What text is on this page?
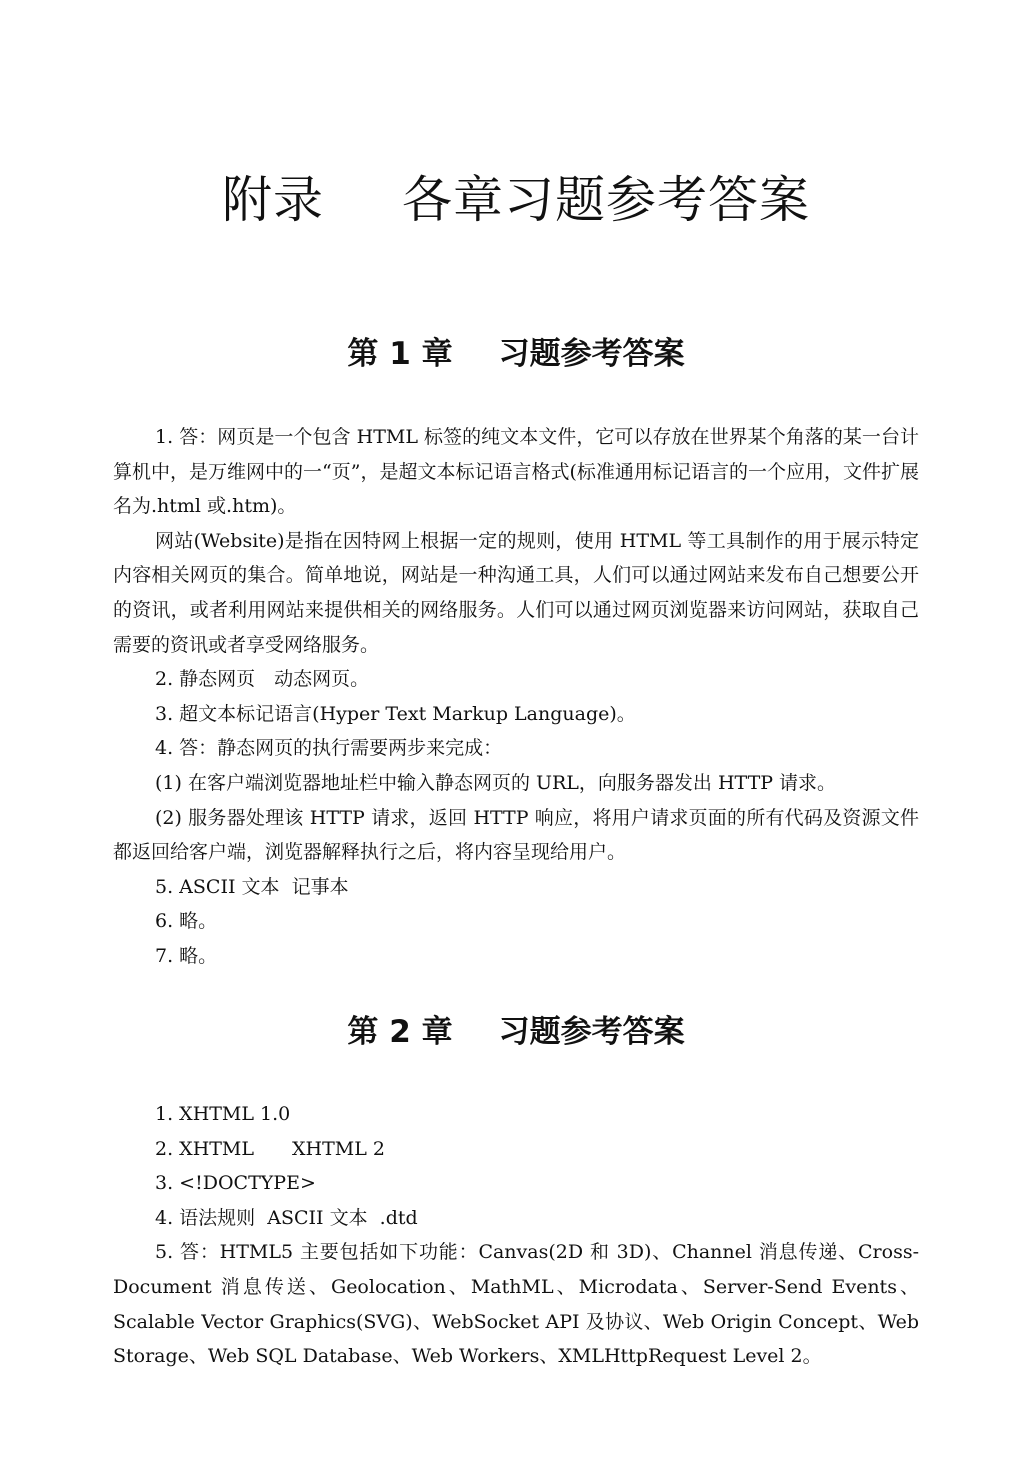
附录 各章习题参考答案
第 1 章 习题参考答案

1. 答：网页是一个包含 HTML 标签的纯文本文件，它可以存放在世界某个角落的某一台计算机中，是万维网中的一“页”，是超文本标记语言格式(标准通用标记语言的一个应用，文件扩展名为.html 或.htm)。

网站(Website)是指在因特网上根据一定的规则，使用 HTML 等工具制作的用于展示特定内容相关网页的集合。简单地说，网站是一种沟通工具，人们可以通过网站来发布自己想要公开的资讯，或者利用网站来提供相关的网络服务。人们可以通过网页浏览器来访问网站，获取自己需要的资讯或者享受网络服务。

2. 静态网页　动态网页。

3. 超文本标记语言(Hyper Text Markup Language)。

4. 答：静态网页的执行需要两步来完成：

(1) 在客户端浏览器地址栏中输入静态网页的 URL，向服务器发出 HTTP 请求。

(2) 服务器处理该 HTTP 请求，返回 HTTP 响应，将用户请求页面的所有代码及资源文件都返回给客户端，浏览器解释执行之后，将内容呈现给用户。

5. ASCII 文本  记事本

6. 略。

7. 略。

第 2 章 习题参考答案

1. XHTML 1.0

2. XHTML　　XHTML 2

3. <!DOCTYPE>

4. 语法规则  ASCII 文本  .dtd

5. 答：HTML5 主要包括如下功能：Canvas(2D 和 3D)、Channel 消息传递、Cross-Document 消息传送、Geolocation、MathML、Microdata、Server-Send Events、Scalable Vector Graphics(SVG)、WebSocket API 及协议、Web Origin Concept、Web Storage、Web SQL Database、Web Workers、XMLHttpRequest Level 2。
